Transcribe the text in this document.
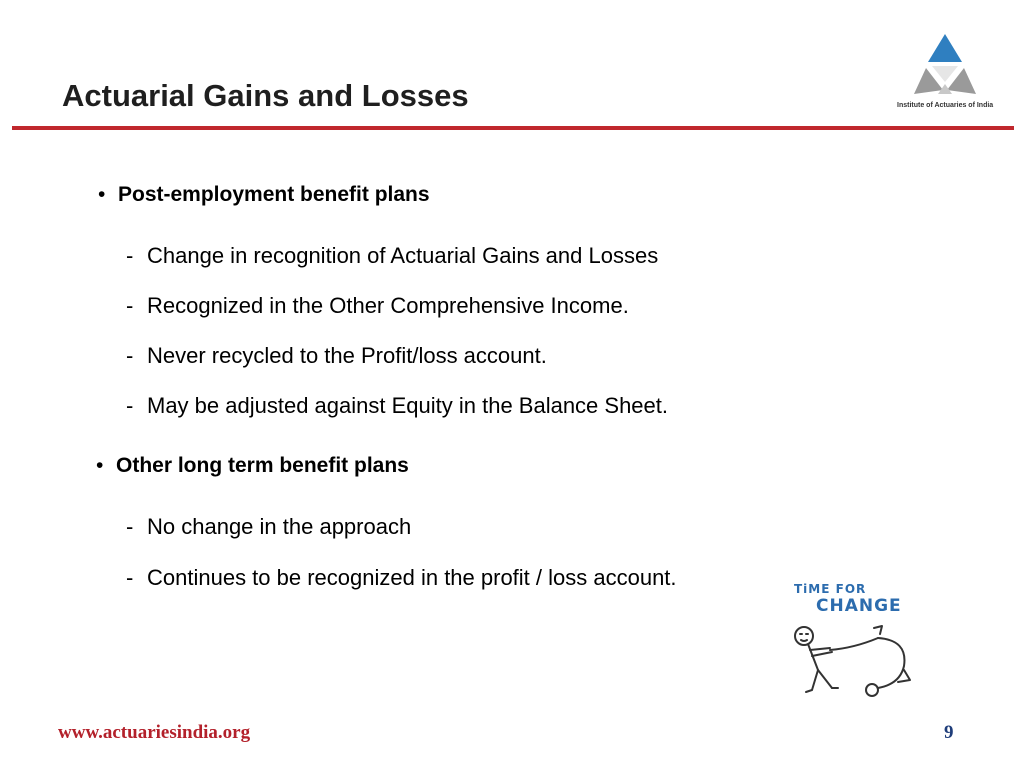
Actuarial Gains and Losses	Institute of Actuaries of India
• Post-employment benefit plans
- Change in recognition of Actuarial Gains and Losses
- Recognized in the Other Comprehensive Income.
- Never recycled to the Profit/loss account.
- May be adjusted against Equity in the Balance Sheet.
• Other long term benefit plans
- No change in the approach
- Continues to be recognized in the profit / loss account.	TiME FOR
CHANGE
www.actuariesindia.org	9
